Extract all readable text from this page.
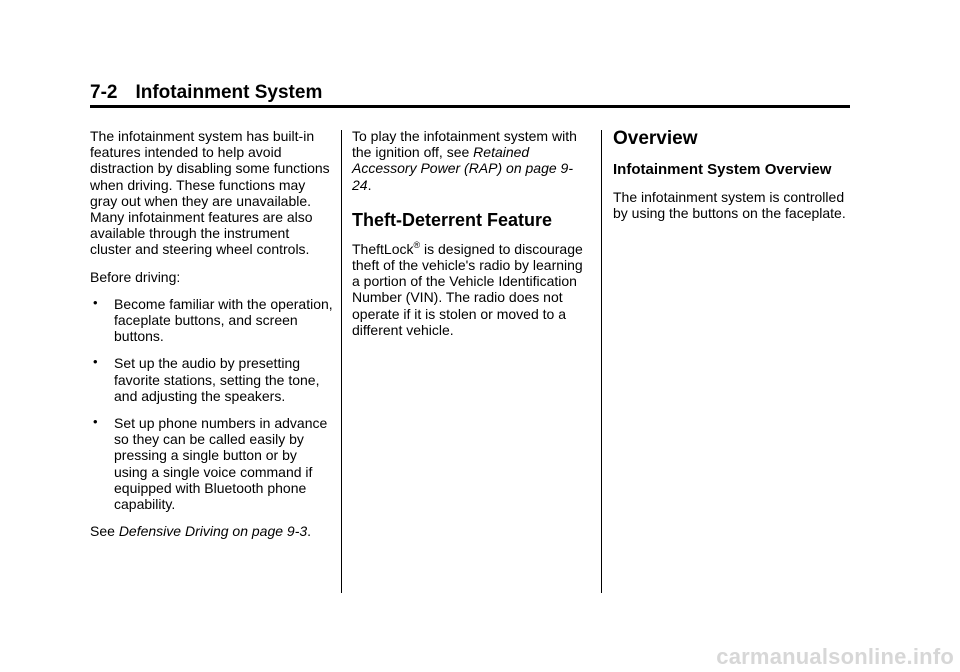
7-2 Infotainment System

The infotainment system has built-in features intended to help avoid distraction by disabling some functions when driving. These functions may gray out when they are unavailable. Many infotainment features are also available through the instrument cluster and steering wheel controls.

Before driving:

• Become familiar with the operation, faceplate buttons, and screen buttons.
• Set up the audio by presetting favorite stations, setting the tone, and adjusting the speakers.
• Set up phone numbers in advance so they can be called easily by pressing a single button or by using a single voice command if equipped with Bluetooth phone capability.

See Defensive Driving on page 9-3.

To play the infotainment system with the ignition off, see Retained Accessory Power (RAP) on page 9-24.

Theft-Deterrent Feature

TheftLock® is designed to discourage theft of the vehicle's radio by learning a portion of the Vehicle Identification Number (VIN). The radio does not operate if it is stolen or moved to a different vehicle.

Overview
Infotainment System Overview

The infotainment system is controlled by using the buttons on the faceplate.

carmanualsonline.info
